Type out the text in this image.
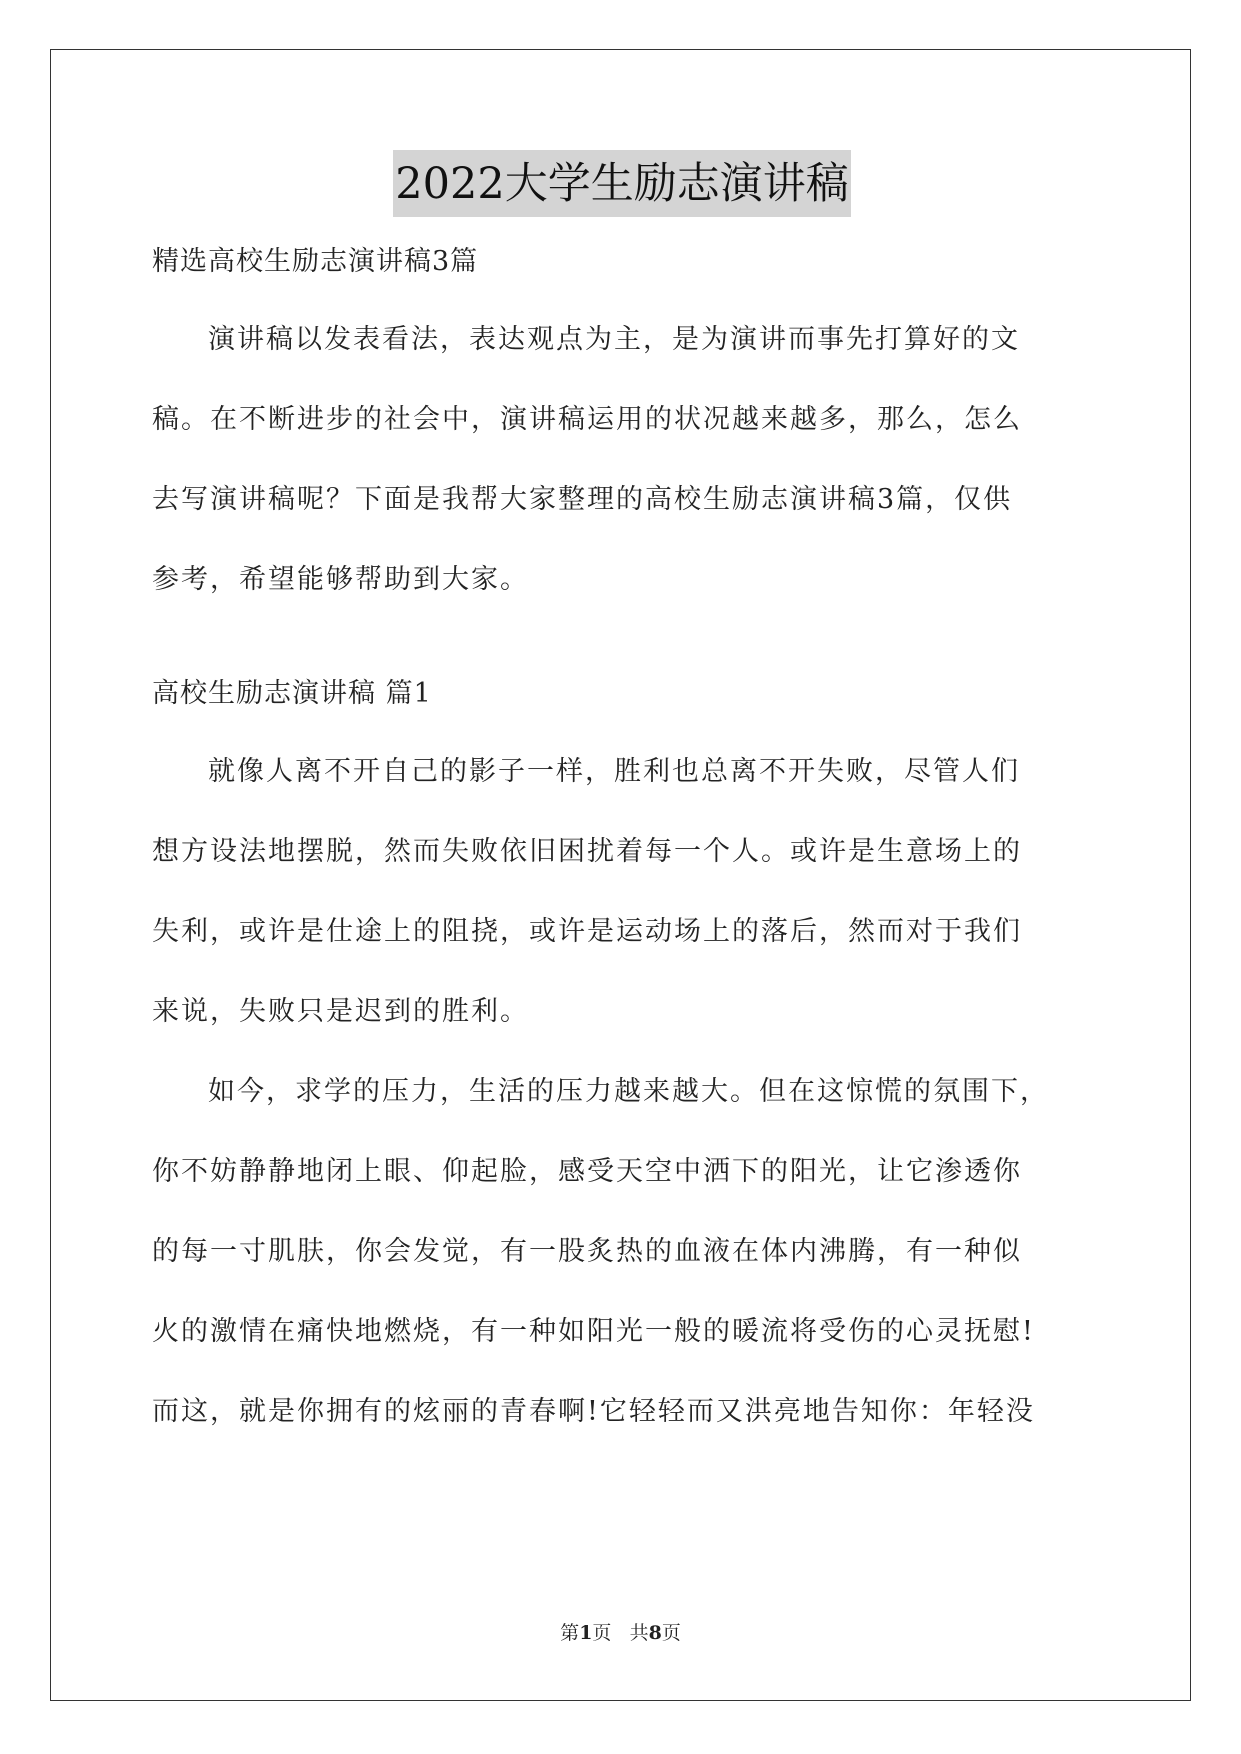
2022大学生励志演讲稿
精选高校生励志演讲稿3篇
演讲稿以发表看法，表达观点为主，是为演讲而事先打算好的文
稿。在不断进步的社会中，演讲稿运用的状况越来越多，那么，怎么
去写演讲稿呢？下面是我帮大家整理的高校生励志演讲稿3篇，仅供
参考，希望能够帮助到大家。
高校生励志演讲稿 篇1
就像人离不开自己的影子一样，胜利也总离不开失败，尽管人们
想方设法地摆脱，然而失败依旧困扰着每一个人。或许是生意场上的
失利，或许是仕途上的阻挠，或许是运动场上的落后，然而对于我们
来说，失败只是迟到的胜利。
如今，求学的压力，生活的压力越来越大。但在这惊慌的氛围下，
你不妨静静地闭上眼、仰起脸，感受天空中洒下的阳光，让它渗透你
的每一寸肌肤，你会发觉，有一股炙热的血液在体内沸腾，有一种似
火的激情在痛快地燃烧，有一种如阳光一般的暖流将受伤的心灵抚慰!
而这，就是你拥有的炫丽的青春啊!它轻轻而又洪亮地告知你：年轻没
第1页 共8页
